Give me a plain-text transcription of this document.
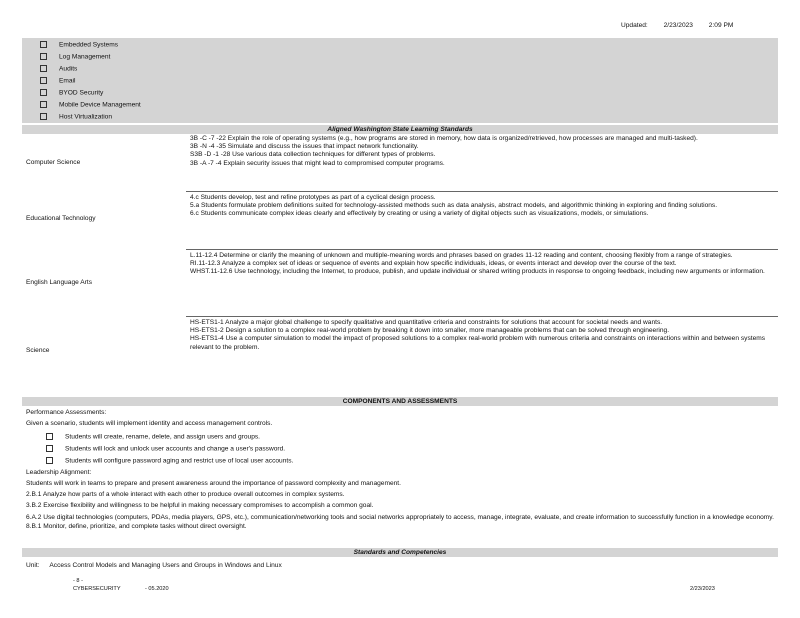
Updated: 2/23/2023 2:09 PM
Embedded Systems
Log Management
Audits
Email
BYOD Security
Mobile Device Management
Host Virtualization
Aligned Washington State Learning Standards
Computer Science
3B -C -7 -22 Explain the role of operating systems (e.g., how programs are stored in memory, how data is organized/retrieved, how processes are managed and multi-tasked).
3B -N -4 -35 Simulate and discuss the issues that impact network functionality.
S3B -D -1 -28 Use various data collection techniques for different types of problems.
3B -A -7 -4 Explain security issues that might lead to compromised computer programs.
Educational Technology
4.c Students develop, test and refine prototypes as part of a cyclical design process.
5.a Students formulate problem definitions suited for technology-assisted methods such as data analysis, abstract models, and algorithmic thinking in exploring and finding solutions.
6.c Students communicate complex ideas clearly and effectively by creating or using a variety of digital objects such as visualizations, models, or simulations.
English Language Arts
L.11-12.4 Determine or clarify the meaning of unknown and multiple-meaning words and phrases based on grades 11-12 reading and content, choosing flexibly from a range of strategies.
RI.11-12.3 Analyze a complex set of ideas or sequence of events and explain how specific individuals, ideas, or events interact and develop over the course of the text.
WHST.11-12.6 Use technology, including the Internet, to produce, publish, and update individual or shared writing products in response to ongoing feedback, including new arguments or information.
Science
HS-ETS1-1 Analyze a major global challenge to specify qualitative and quantitative criteria and constraints for solutions that account for societal needs and wants.
HS-ETS1-2 Design a solution to a complex real-world problem by breaking it down into smaller, more manageable problems that can be solved through engineering.
HS-ETS1-4 Use a computer simulation to model the impact of proposed solutions to a complex real-world problem with numerous criteria and constraints on interactions within and between systems relevant to the problem.
COMPONENTS AND ASSESSMENTS
Performance Assessments:
Given a scenario, students will implement identity and access management controls.
Students will create, rename, delete, and assign users and groups.
Students will lock and unlock user accounts and change a user's password.
Students will configure password aging and restrict use of local user accounts.
Leadership Alignment:
Students will work in teams to prepare and present awareness around the importance of password complexity and management.
2.B.1 Analyze how parts of a whole interact with each other to produce overall outcomes in complex systems.
3.B.2 Exercise flexibility and willingness to be helpful in making necessary compromises to accomplish a common goal.
6.A.2 Use digital technologies (computers, PDAs, media players, GPS, etc.), communication/networking tools and social networks appropriately to access, manage, integrate, evaluate, and create information to successfully function in a knowledge economy.
8.B.1 Monitor, define, prioritize, and complete tasks without direct oversight.
Standards and Competencies
Unit: Access Control Models and Managing Users and Groups in Windows and Linux
- 8 -
CYBERSECURITY	- 05.2020	2/23/2023
